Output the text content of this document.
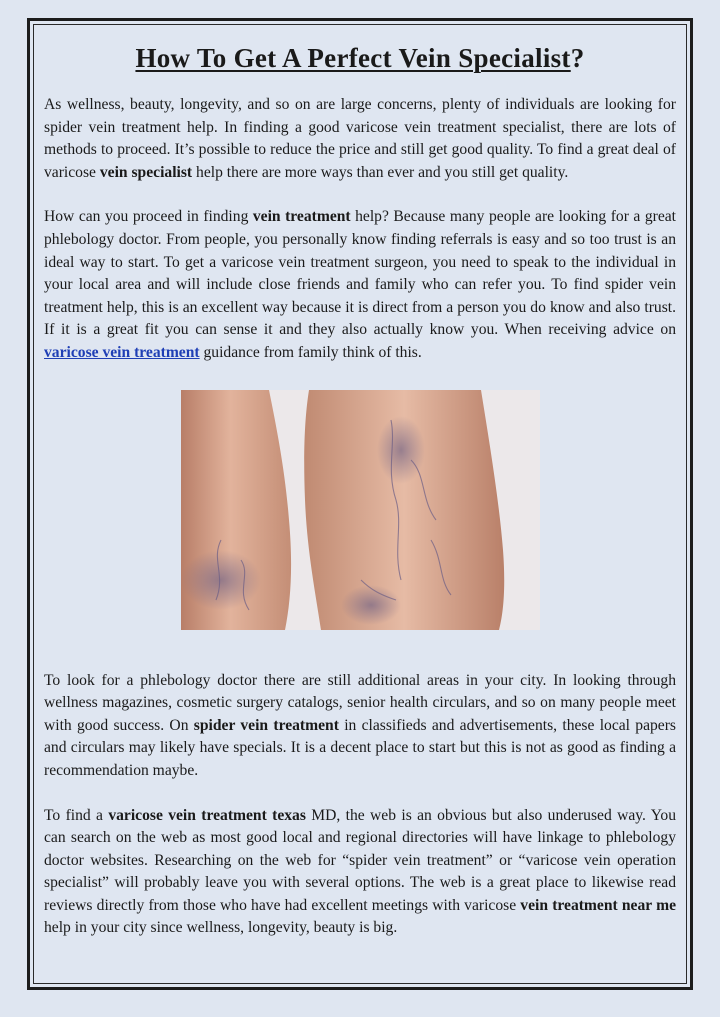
How To Get A Perfect Vein Specialist?

As wellness, beauty, longevity, and so on are large concerns, plenty of individuals are looking for spider vein treatment help. In finding a good varicose vein treatment specialist, there are lots of methods to proceed. It’s possible to reduce the price and still get good quality. To find a great deal of varicose vein specialist help there are more ways than ever and you still get quality.

How can you proceed in finding vein treatment help? Because many people are looking for a great phlebology doctor. From people, you personally know finding referrals is easy and so too trust is an ideal way to start. To get a varicose vein treatment surgeon, you need to speak to the individual in your local area and will include close friends and family who can refer you. To find spider vein treatment help, this is an excellent way because it is direct from a person you do know and also trust. If it is a great fit you can sense it and they also actually know you. When receiving advice on varicose vein treatment guidance from family think of this.

To look for a phlebology doctor there are still additional areas in your city. In looking through wellness magazines, cosmetic surgery catalogs, senior health circulars, and so on many people meet with good success. On spider vein treatment in classifieds and advertisements, these local papers and circulars may likely have specials. It is a decent place to start but this is not as good as finding a recommendation maybe.

To find a varicose vein treatment texas MD, the web is an obvious but also underused way. You can search on the web as most good local and regional directories will have linkage to phlebology doctor websites. Researching on the web for “spider vein treatment” or “varicose vein operation specialist” will probably leave you with several options. The web is a great place to likewise read reviews directly from those who have had excellent meetings with varicose vein treatment near me help in your city since wellness, longevity, beauty is big.
